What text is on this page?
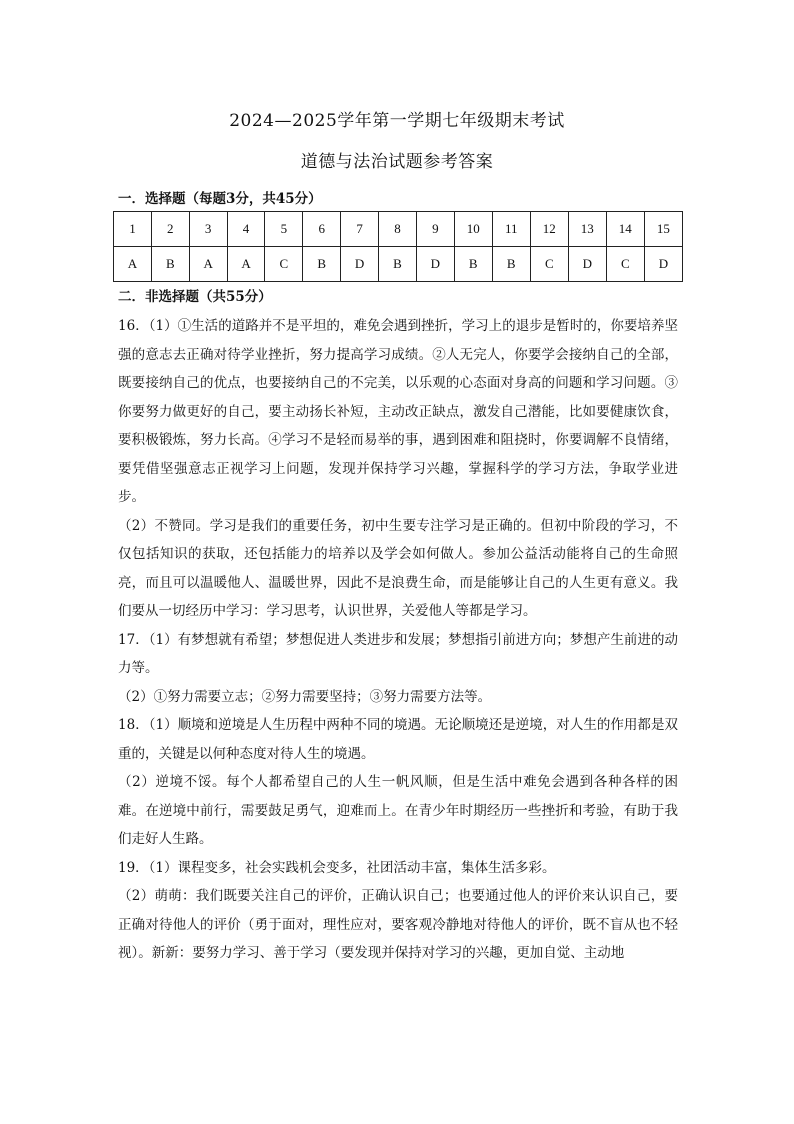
2024—2025学年第一学期七年级期末考试
道德与法治试题参考答案
一．选择题（每题3分，共45分）
1	2	3	4	5	6	7	8	9	10	11	12	13	14	15
A	B	A	A	C	B	D	B	D	B	B	C	D	C	D
二．非选择题（共55分）

16．（1）①生活的道路并不是平坦的，难免会遇到挫折，学习上的退步是暂时的，你要培养坚强的意志去正确对待学业挫折，努力提高学习成绩。②人无完人，你要学会接纳自己的全部，既要接纳自己的优点，也要接纳自己的不完美，以乐观的心态面对身高的问题和学习问题。③你要努力做更好的自己，要主动扬长补短，主动改正缺点，激发自己潜能，比如要健康饮食，要积极锻炼，努力长高。④学习不是轻而易举的事，遇到困难和阻挠时，你要调解不良情绪，要凭借坚强意志正视学习上问题，发现并保持学习兴趣，掌握科学的学习方法，争取学业进步。

（2）不赞同。学习是我们的重要任务，初中生要专注学习是正确的。但初中阶段的学习，不仅包括知识的获取，还包括能力的培养以及学会如何做人。参加公益活动能将自己的生命照亮，而且可以温暖他人、温暖世界，因此不是浪费生命，而是能够让自己的人生更有意义。我们要从一切经历中学习：学习思考，认识世界，关爱他人等都是学习。

17．（1）有梦想就有希望；梦想促进人类进步和发展；梦想指引前进方向；梦想产生前进的动力等。

（2）①努力需要立志；②努力需要坚持；③努力需要方法等。

18．（1）顺境和逆境是人生历程中两种不同的境遇。无论顺境还是逆境，对人生的作用都是双重的，关键是以何种态度对待人生的境遇。

（2）逆境不馁。每个人都希望自己的人生一帆风顺，但是生活中难免会遇到各种各样的困难。在逆境中前行，需要鼓足勇气，迎难而上。在青少年时期经历一些挫折和考验，有助于我们走好人生路。

19．（1）课程变多，社会实践机会变多，社团活动丰富，集体生活多彩。

（2）萌萌：我们既要关注自己的评价，正确认识自己；也要通过他人的评价来认识自己，要正确对待他人的评价（勇于面对，理性应对，要客观冷静地对待他人的评价，既不盲从也不轻视）。新新：要努力学习、善于学习（要发现并保持对学习的兴趣，更加自觉、主动地
